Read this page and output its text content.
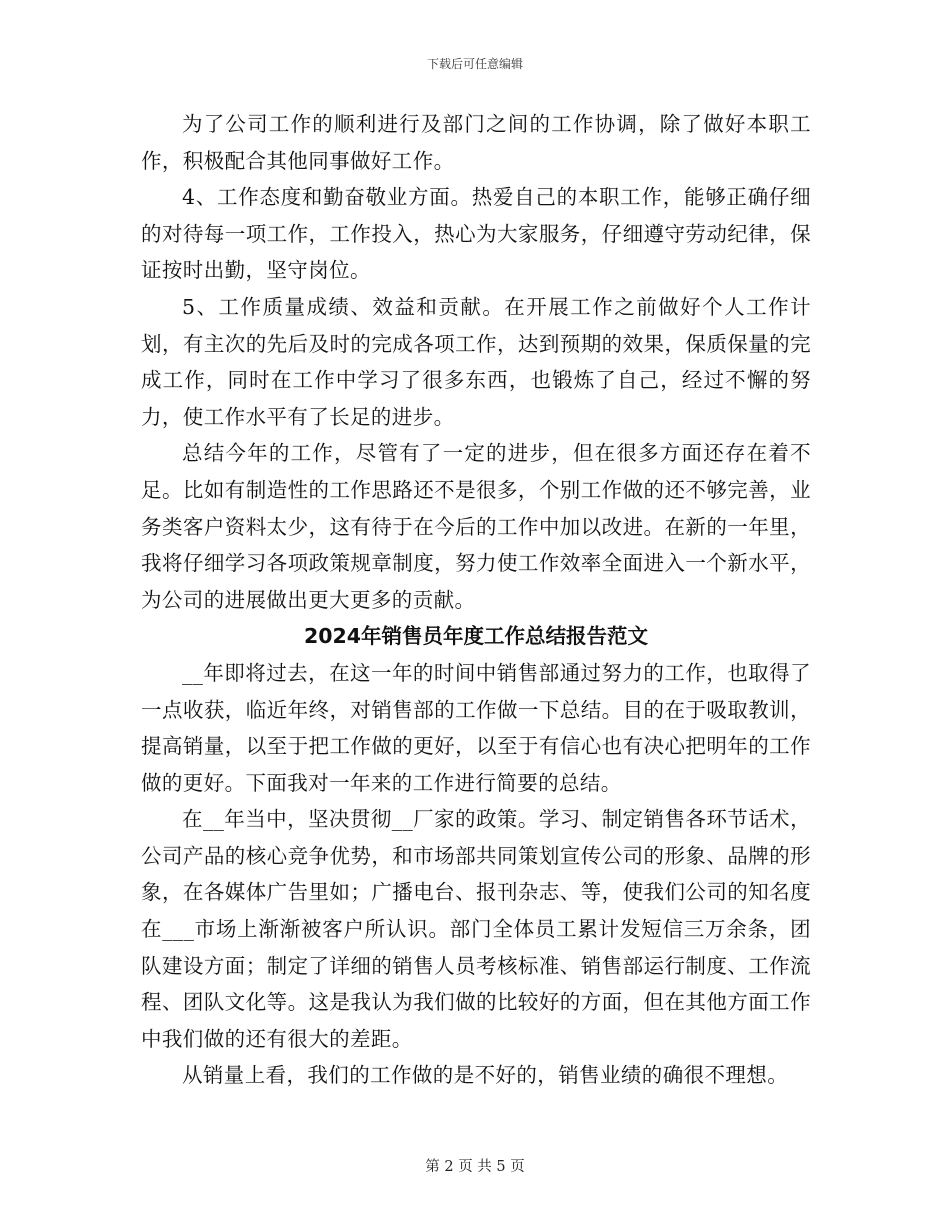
下载后可任意编辑

为了公司工作的顺利进行及部门之间的工作协调，除了做好本职工作，积极配合其他同事做好工作。

4、工作态度和勤奋敬业方面。热爱自己的本职工作，能够正确仔细的对待每一项工作，工作投入，热心为大家服务，仔细遵守劳动纪律，保证按时出勤，坚守岗位。

5、工作质量成绩、效益和贡献。在开展工作之前做好个人工作计划，有主次的先后及时的完成各项工作，达到预期的效果，保质保量的完成工作，同时在工作中学习了很多东西，也锻炼了自己，经过不懈的努力，使工作水平有了长足的进步。

总结今年的工作，尽管有了一定的进步，但在很多方面还存在着不足。比如有制造性的工作思路还不是很多，个别工作做的还不够完善，业务类客户资料太少，这有待于在今后的工作中加以改进。在新的一年里，我将仔细学习各项政策规章制度，努力使工作效率全面进入一个新水平，为公司的进展做出更大更多的贡献。

2024年销售员年度工作总结报告范文

__年即将过去，在这一年的时间中销售部通过努力的工作，也取得了一点收获，临近年终，对销售部的工作做一下总结。目的在于吸取教训，提高销量，以至于把工作做的更好，以至于有信心也有决心把明年的工作做的更好。下面我对一年来的工作进行简要的总结。

在__年当中，坚决贯彻__厂家的政策。学习、制定销售各环节话术，公司产品的核心竞争优势，和市场部共同策划宣传公司的形象、品牌的形象，在各媒体广告里如；广播电台、报刊杂志、等，使我们公司的知名度在___市场上渐渐被客户所认识。部门全体员工累计发短信三万余条，团队建设方面；制定了详细的销售人员考核标准、销售部运行制度、工作流程、团队文化等。这是我认为我们做的比较好的方面，但在其他方面工作中我们做的还有很大的差距。

从销量上看，我们的工作做的是不好的，销售业绩的确很不理想。

第 2 页 共 5 页
